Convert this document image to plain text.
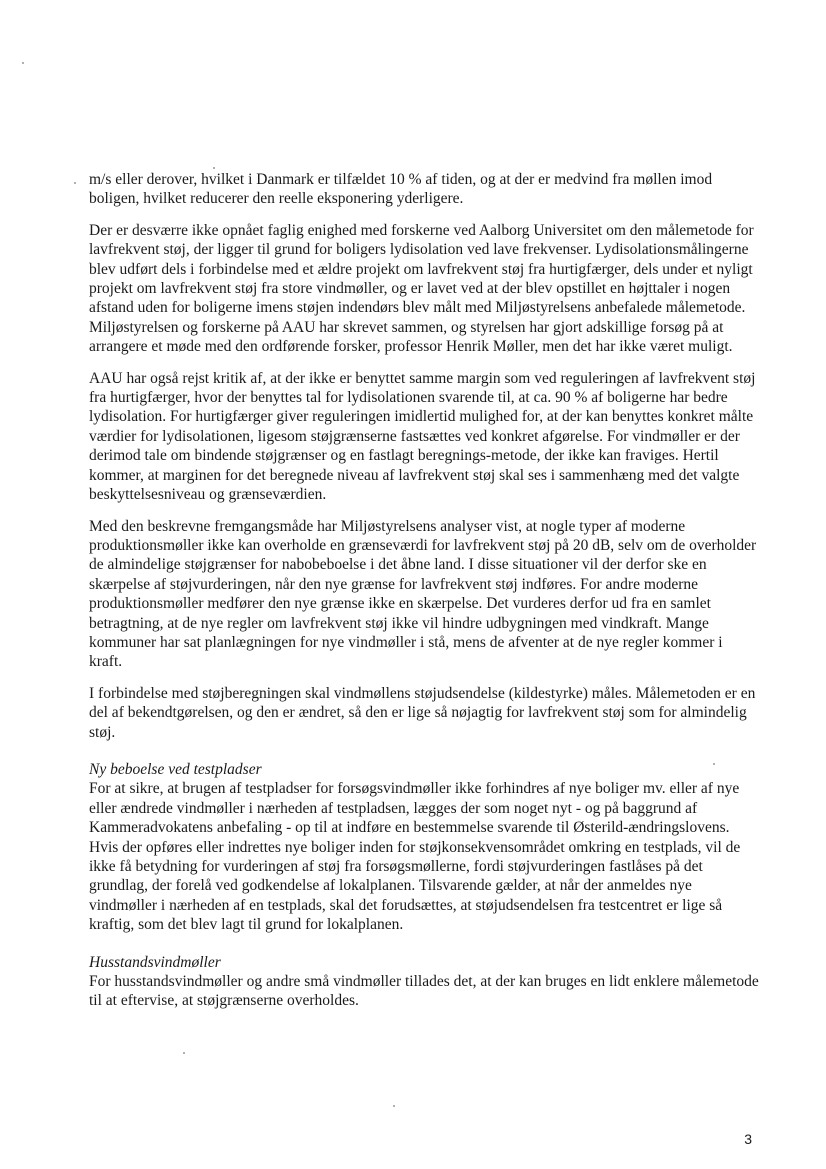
m/s eller derover, hvilket i Danmark er tilfældet 10 % af tiden, og at der er medvind fra møllen imod boligen, hvilket reducerer den reelle eksponering yderligere.

Der er desværre ikke opnået faglig enighed med forskerne ved Aalborg Universitet om den målemetode for lavfrekvent støj, der ligger til grund for boligers lydisolation ved lave frekvenser. Lydisolationsmålingerne blev udført dels i forbindelse med et ældre projekt om lavfrekvent støj fra hurtigfærger, dels under et nyligt projekt om lavfrekvent støj fra store vindmøller, og er lavet ved at der blev opstillet en højttaler i nogen afstand uden for boligerne imens støjen indendørs blev målt med Miljøstyrelsens anbefalede målemetode. Miljøstyrelsen og forskerne på AAU har skrevet sammen, og styrelsen har gjort adskillige forsøg på at arrangere et møde med den ordførende forsker, professor Henrik Møller, men det har ikke været muligt.

AAU har også rejst kritik af, at der ikke er benyttet samme margin som ved reguleringen af lavfrekvent støj fra hurtigfærger, hvor der benyttes tal for lydisolationen svarende til, at ca. 90 % af boligerne har bedre lydisolation. For hurtigfærger giver reguleringen imidlertid mulighed for, at der kan benyttes konkret målte værdier for lydisolationen, ligesom støjgrænserne fastsættes ved konkret afgørelse. For vindmøller er der derimod tale om bindende støjgrænser og en fastlagt beregnings-metode, der ikke kan fraviges. Hertil kommer, at marginen for det beregnede niveau af lavfrekvent støj skal ses i sammenhæng med det valgte beskyttelsesniveau og grænseværdien.

Med den beskrevne fremgangsmåde har Miljøstyrelsens analyser vist, at nogle typer af moderne produktionsmøller ikke kan overholde en grænseværdi for lavfrekvent støj på 20 dB, selv om de overholder de almindelige støjgrænser for nabobeboelse i det åbne land. I disse situationer vil der derfor ske en skærpelse af støjvurderingen, når den nye grænse for lavfrekvent støj indføres. For andre moderne produktionsmøller medfører den nye grænse ikke en skærpelse. Det vurderes derfor ud fra en samlet betragtning, at de nye regler om lavfrekvent støj ikke vil hindre udbygningen med vindkraft. Mange kommuner har sat planlægningen for nye vindmøller i stå, mens de afventer at de nye regler kommer i kraft.

I forbindelse med støjberegningen skal vindmøllens støjudsendelse (kildestyrke) måles. Målemetoden er en del af bekendtgørelsen, og den er ændret, så den er lige så nøjagtig for lavfrekvent støj som for almindelig støj.

Ny beboelse ved testpladser

For at sikre, at brugen af testpladser for forsøgsvindmøller ikke forhindres af nye boliger mv. eller af nye eller ændrede vindmøller i nærheden af testpladsen, lægges der som noget nyt - og på baggrund af Kammeradvokatens anbefaling - op til at indføre en bestemmelse svarende til Østerild-ændringslovens. Hvis der opføres eller indrettes nye boliger inden for støjkonsekvensområdet omkring en testplads, vil de ikke få betydning for vurderingen af støj fra forsøgsmøllerne, fordi støjvurderingen fastlåses på det grundlag, der forelå ved godkendelse af lokalplanen. Tilsvarende gælder, at når der anmeldes nye vindmøller i nærheden af en testplads, skal det forudsættes, at støjudsendelsen fra testcentret er lige så kraftig, som det blev lagt til grund for lokalplanen.

Husstandsvindmøller

For husstandsvindmøller og andre små vindmøller tillades det, at der kan bruges en lidt enklere målemetode til at eftervise, at støjgrænserne overholdes.

3
